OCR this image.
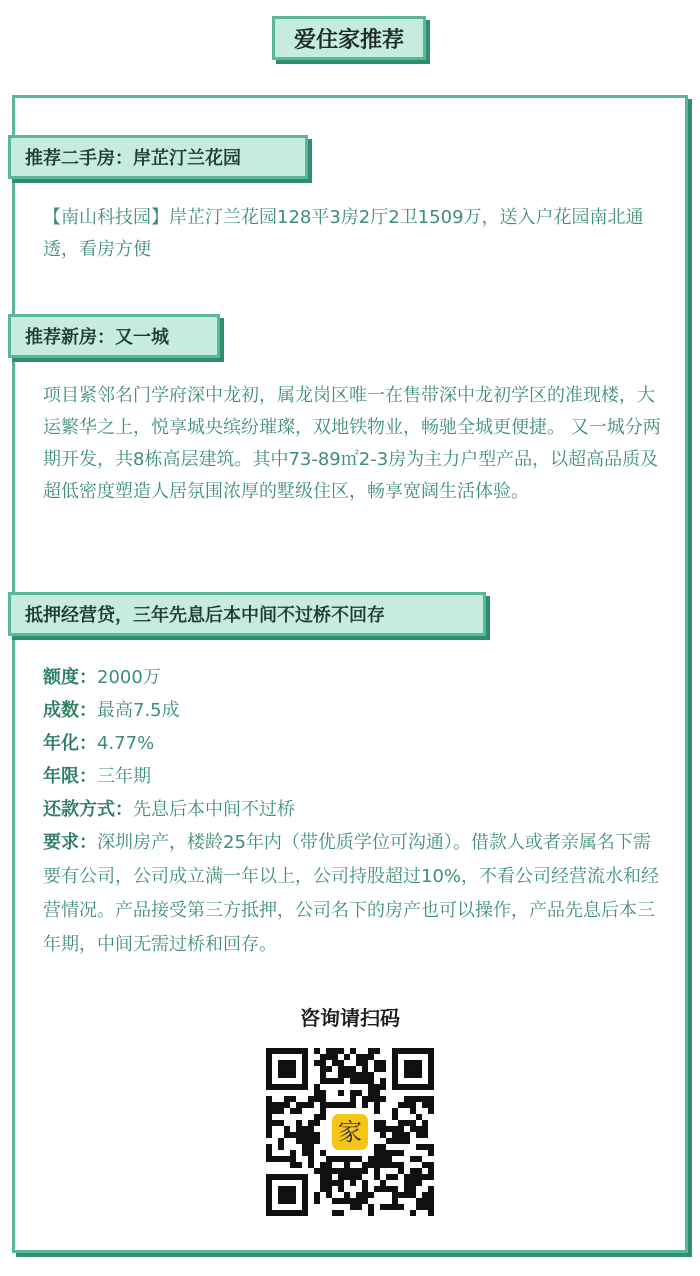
爱住家推荐
推荐二手房：岸芷汀兰花园

【南山科技园】岸芷汀兰花园128平3房2厅2卫1509万，送入户花园南北通透，看房方便

推荐新房：又一城

项目紧邻名门学府深中龙初，属龙岗区唯一在售带深中龙初学区的准现楼，大运繁华之上，悦享城央缤纷璀璨，双地铁物业，畅驰全城更便捷。 又一城分两期开发，共8栋高层建筑。其中73-89㎡2-3房为主力户型产品，以超高品质及超低密度塑造人居氛围浓厚的墅级住区，畅享宽阔生活体验。

抵押经营贷，三年先息后本中间不过桥不回存

额度：2000万

成数：最高7.5成

年化：4.77%

年限：三年期

还款方式：先息后本中间不过桥

要求：深圳房产，楼龄25年内（带优质学位可沟通）。借款人或者亲属名下需要有公司，公司成立满一年以上，公司持股超过10%，不看公司经营流水和经营情况。产品接受第三方抵押，公司名下的房产也可以操作，产品先息后本三年期，中间无需过桥和回存。

咨询请扫码
家
